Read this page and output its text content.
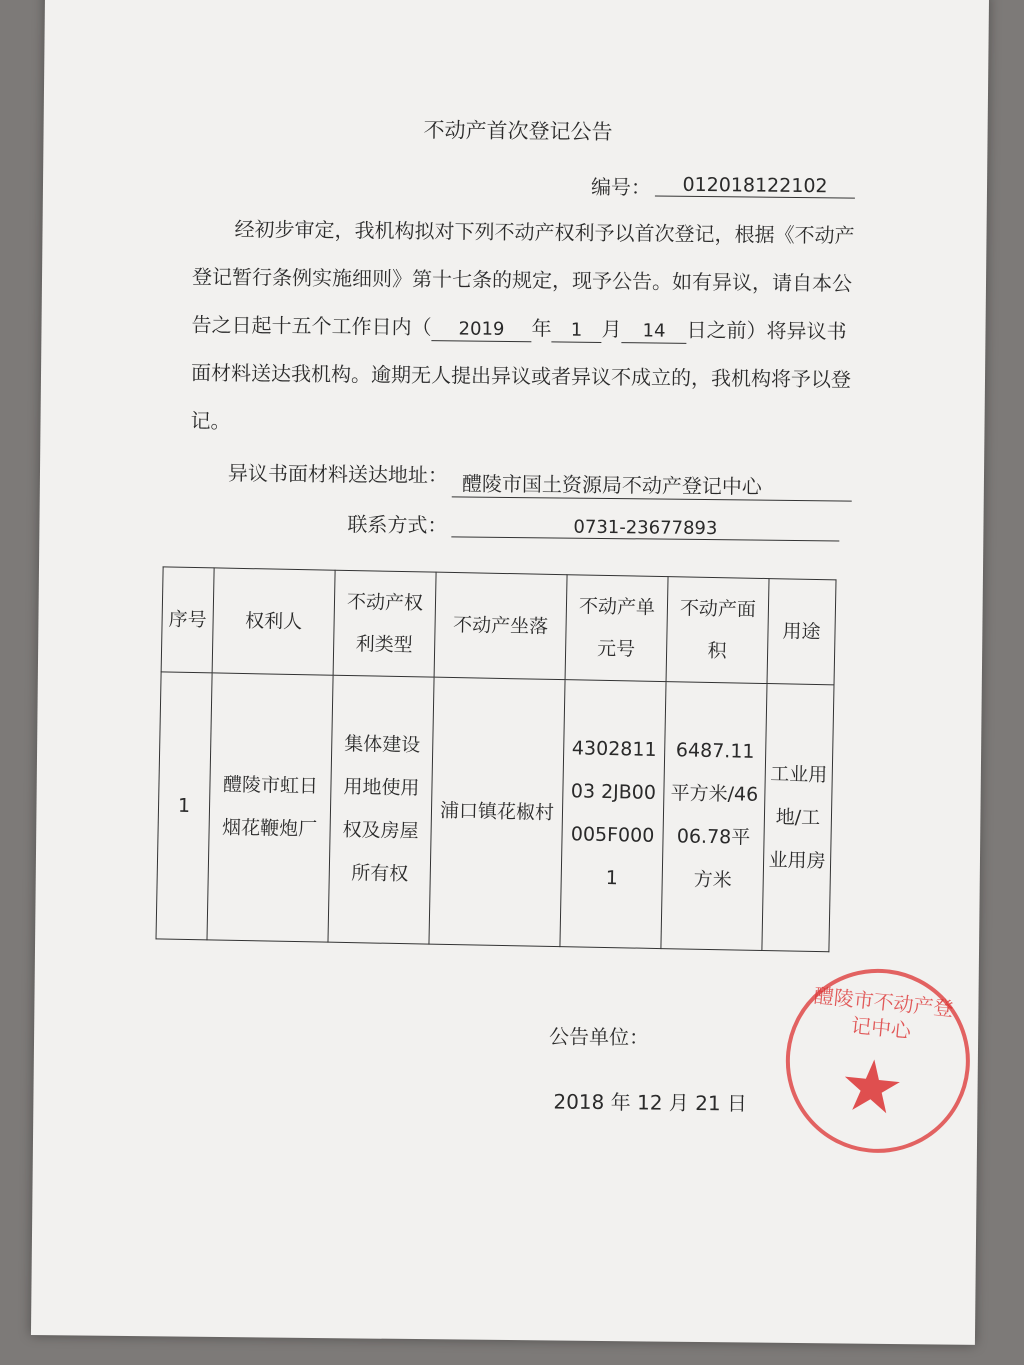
不动产首次登记公告
编号：	012018122102
经初步审定，我机构拟对下列不动产权利予以首次登记，根据《不动产登记暂行条例实施细则》第十七条的规定，现予公告。如有异议，请自本公告之日起十五个工作日内（ 2019 年 1 月 14 日之前）将异议书面材料送达我机构。逾期无人提出异议或者异议不成立的，我机构将予以登记。
异议书面材料送达地址： 醴陵市国土资源局不动产登记中心
联系方式：	0731-23677893
序号	权利人	不动产权利类型	不动产坐落	不动产单元号	不动产面积	用途
1	醴陵市虹日烟花鞭炮厂	集体建设用地使用权及房屋所有权	浦口镇花椒村	430281103 2JB00005F0001	6487.11平方米/4606.78平方米	工业用地/工业用房
公告单位：
醴陵市不动产登记中心
★
2018 年 12 月 21 日
